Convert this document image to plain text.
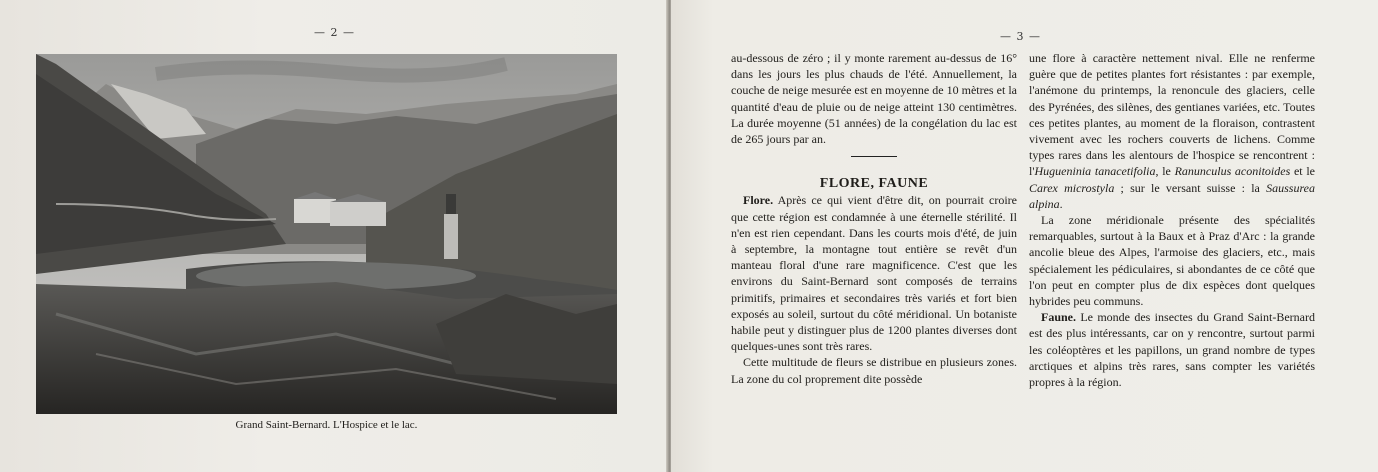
— 2 —
Grand Saint-Bernard. L'Hospice et le lac.
— 3 —

au-dessous de zéro ; il y monte rarement au-dessus de 16° dans les jours les plus chauds de l'été. Annuellement, la couche de neige mesurée est en moyenne de 10 mètres et la quantité d'eau de pluie ou de neige atteint 130 centimètres. La durée moyenne (51 années) de la congélation du lac est de 265 jours par an.

FLORE, FAUNE

Flore. Après ce qui vient d'être dit, on pourrait croire que cette région est condamnée à une éternelle stérilité. Il n'en est rien cependant. Dans les courts mois d'été, de juin à septembre, la montagne tout entière se revêt d'un manteau floral d'une rare magnificence. C'est que les environs du Saint-Bernard sont composés de terrains primitifs, primaires et secondaires très variés et fort bien exposés au soleil, surtout du côté méridional. Un botaniste habile peut y distinguer plus de 1200 plantes diverses dont quelques-unes sont très rares.

Cette multitude de fleurs se distribue en plusieurs zones. La zone du col proprement dite possède

une flore à caractère nettement nival. Elle ne renferme guère que de petites plantes fort résistantes : par exemple, l'anémone du printemps, la renoncule des glaciers, celle des Pyrénées, des silènes, des gentianes variées, etc. Toutes ces petites plantes, au moment de la floraison, contrastent vivement avec les rochers couverts de lichens. Comme types rares dans les alentours de l'hospice se rencontrent : l'Hugueninia tanacetifolia, le Ranunculus aconitoides et le Carex microstyla ; sur le versant suisse : la Saussurea alpina.

La zone méridionale présente des spécialités remarquables, surtout à la Baux et à Praz d'Arc : la grande ancolie bleue des Alpes, l'armoise des glaciers, etc., mais spécialement les pédiculaires, si abondantes de ce côté que l'on peut en compter plus de dix espèces dont quelques hybrides peu communs.

Faune. Le monde des insectes du Grand Saint-Bernard est des plus intéressants, car on y rencontre, surtout parmi les coléoptères et les papillons, un grand nombre de types arctiques et alpins très rares, sans compter les variétés propres à la région.
